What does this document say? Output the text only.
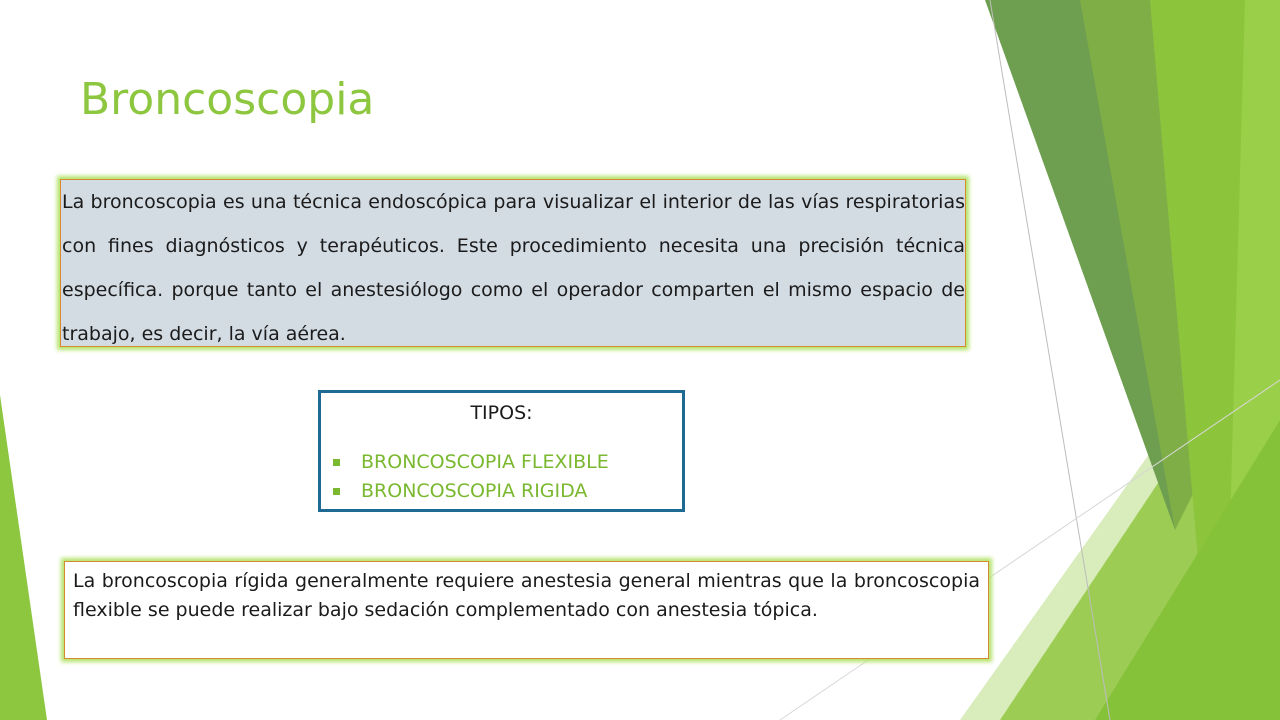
Broncoscopia

La broncoscopia es una técnica endoscópica para visualizar el interior de las vías respiratorias con fines diagnósticos y terapéuticos. Este procedimiento necesita una precisión técnica específica. porque tanto el anestesiólogo como el operador comparten el mismo espacio de trabajo, es decir, la vía aérea.

TIPOS:
BRONCOSCOPIA FLEXIBLE
BRONCOSCOPIA RIGIDA

La broncoscopia rígida generalmente requiere anestesia general mientras que la broncoscopia flexible se puede realizar bajo sedación complementado con anestesia tópica.
